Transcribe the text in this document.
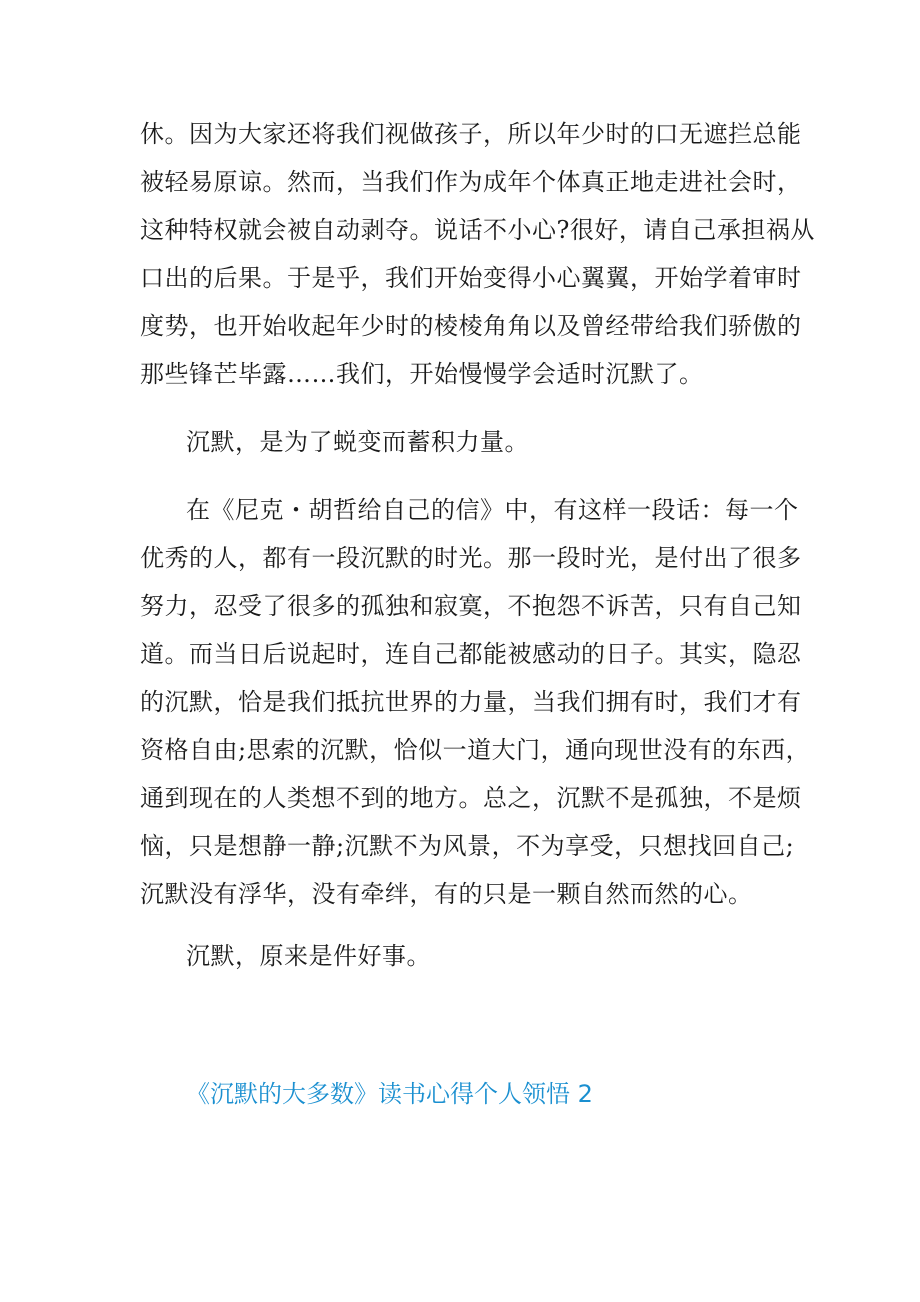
休。因为大家还将我们视做孩子，所以年少时的口无遮拦总能
被轻易原谅。然而，当我们作为成年个体真正地走进社会时，
这种特权就会被自动剥夺。说话不小心?很好，请自己承担祸从
口出的后果。于是乎，我们开始变得小心翼翼，开始学着审时
度势，也开始收起年少时的棱棱角角以及曾经带给我们骄傲的
那些锋芒毕露……我们，开始慢慢学会适时沉默了。
沉默，是为了蜕变而蓄积力量。
在《尼克・胡哲给自己的信》中，有这样一段话：每一个
优秀的人，都有一段沉默的时光。那一段时光，是付出了很多
努力，忍受了很多的孤独和寂寞，不抱怨不诉苦，只有自己知
道。而当日后说起时，连自己都能被感动的日子。其实，隐忍
的沉默，恰是我们抵抗世界的力量，当我们拥有时，我们才有
资格自由;思索的沉默，恰似一道大门，通向现世没有的东西，
通到现在的人类想不到的地方。总之，沉默不是孤独，不是烦
恼，只是想静一静;沉默不为风景，不为享受，只想找回自己;
沉默没有浮华，没有牵绊，有的只是一颗自然而然的心。
沉默，原来是件好事。
《沉默的大多数》读书心得个人领悟 2
